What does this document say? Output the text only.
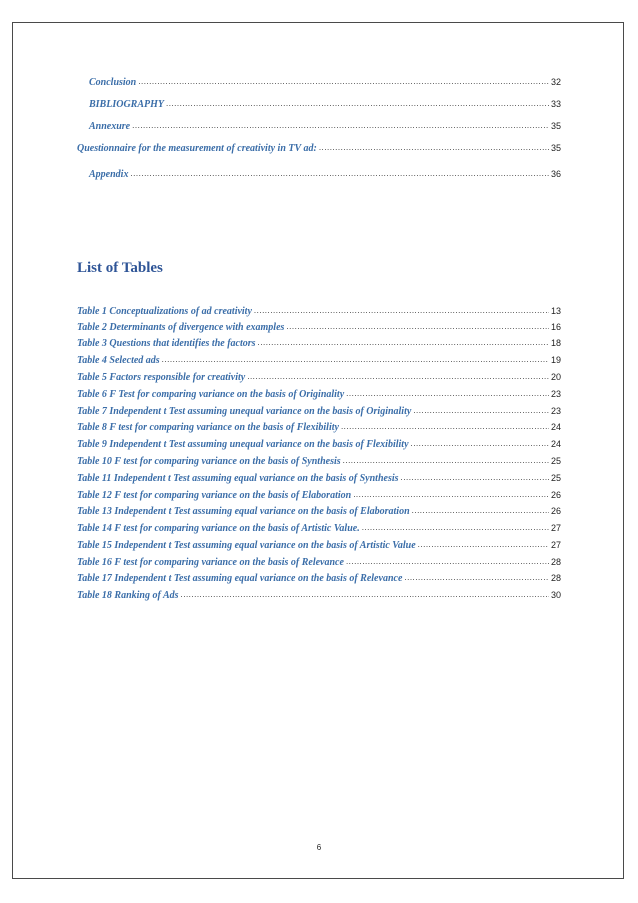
Conclusion .....	32
BIBLIOGRAPHY .....	33
Annexure .....	35
Questionnaire for the measurement of creativity in TV ad: .....	35
Appendix .....	36
List of Tables
Table 1 Conceptualizations of ad creativity .....	13
Table 2 Determinants of divergence with examples .....	16
Table 3 Questions that identifies the factors .....	18
Table 4 Selected ads .....	19
Table 5 Factors responsible for creativity .....	20
Table 6 F Test for comparing variance on the basis of Originality .....	23
Table 7 Independent t Test assuming unequal variance on the basis of Originality .....	23
Table 8 F test for comparing variance on the basis of Flexibility .....	24
Table 9 Independent t Test assuming unequal variance on the basis of Flexibility .....	24
Table 10 F test for comparing variance on the basis of Synthesis .....	25
Table 11 Independent t Test assuming equal variance on the basis of Synthesis .....	25
Table 12 F test for comparing variance on the basis of Elaboration .....	26
Table 13 Independent t Test assuming equal variance on the basis of Elaboration .....	26
Table 14 F test for comparing variance on the basis of Artistic Value. .....	27
Table 15 Independent t Test assuming equal variance on the basis of Artistic Value .....	27
Table 16 F test for comparing variance on the basis of Relevance .....	28
Table 17 Independent t Test assuming equal variance on the basis of Relevance .....	28
Table 18 Ranking of Ads .....	30
6
